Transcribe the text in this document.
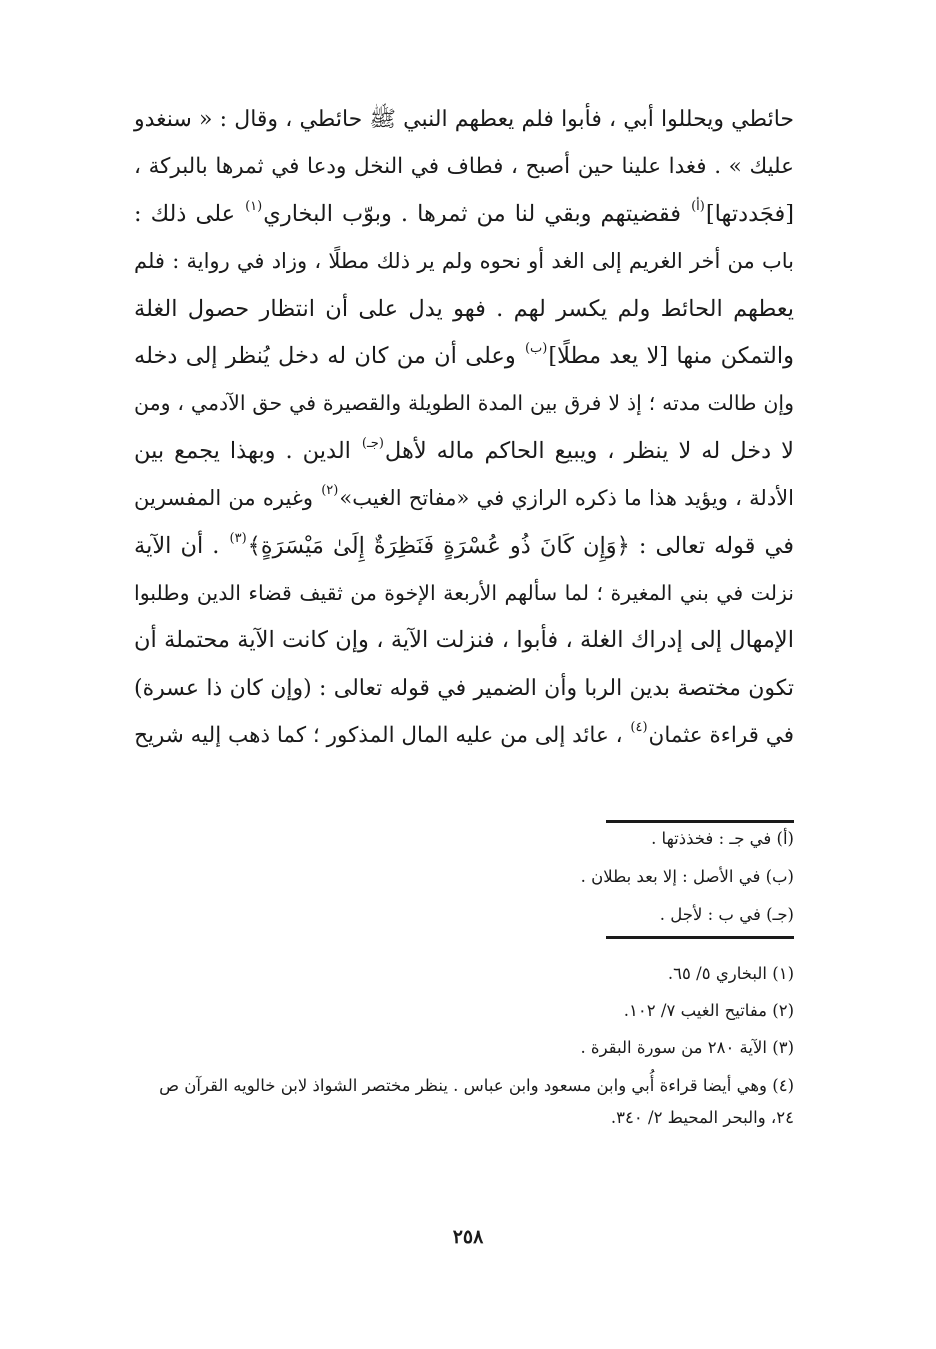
حائطي ويحللوا أبي ، فأبوا فلم يعطهم النبي ﷺ حائطي ، وقال : « سنغدو
عليك » . فغدا علينا حين أصبح ، فطاف في النخل ودعا في ثمرها بالبركة ،
[فجَددتها]$^{(أ)}$ فقضيتهم وبقي لنا من ثمرها . وبوّب البخاري$^{(١)}$ على ذلك :
باب من أخر الغريم إلى الغد أو نحوه ولم ير ذلك مطلًا ، وزاد في رواية : فلم
يعطهم الحائط ولم يكسر لهم . فهو يدل على أن انتظار حصول الغلة
والتمكن منها [لا يعد مطلًا]$^{(ب)}$ وعلى أن من كان له دخل يُنظر إلى دخله
وإن طالت مدته ؛ إذ لا فرق بين المدة الطويلة والقصيرة في حق الآدمي ، ومن
لا دخل له لا ينظر ، ويبيع الحاكم ماله لأهل$^{(جـ)}$ الدين . وبهذا يجمع بين
الأدلة ، ويؤيد هذا ما ذكره الرازي في «مفاتح الغيب»$^{(٢)}$ وغيره من المفسرين
في قوله تعالى : ﴿وَإِن كَانَ ذُو عُسْرَةٍ فَنَظِرَةٌ إِلَىٰ مَيْسَرَةٍ﴾$^{(٣)}$ . أن الآية
نزلت في بني المغيرة ؛ لما سألهم الأربعة الإخوة من ثقيف قضاء الدين وطلبوا
الإمهال إلى إدراك الغلة ، فأبوا ، فنزلت الآية ، وإن كانت الآية محتملة أن
تكون مختصة بدين الربا وأن الضمير في قوله تعالى : (وإن كان ذا عسرة)
في قراءة عثمان$^{(٤)}$ ، عائد إلى من عليه المال المذكور ؛ كما ذهب إليه شريح
(أ) في جـ : فخذذتها .
(ب) في الأصل : إلا بعد بطلان .
(جـ) في ب : لأجل .
(١) البخاري ٥/ ٦٥.
(٢) مفاتيح الغيب ٧/ ١٠٢.
(٣) الآية ٢٨٠ من سورة البقرة .
(٤) وهي أيضا قراءة أُبي وابن مسعود وابن عباس . ينظر مختصر الشواذ لابن خالويه القرآن ص ٢٤، والبحر المحيط ٢/ ٣٤٠.
٢٥٨
